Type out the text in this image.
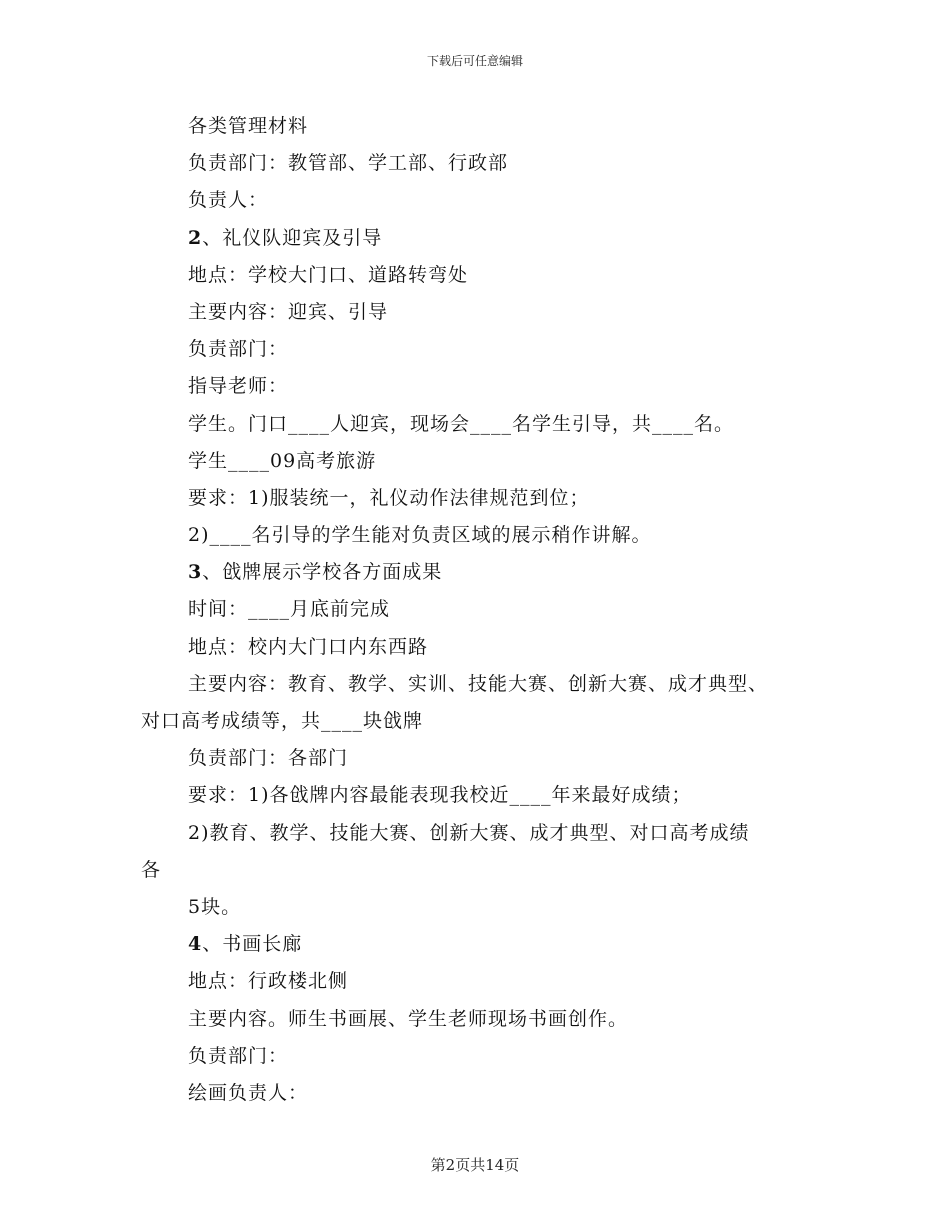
下载后可任意编辑
各类管理材料
负责部门：教管部、学工部、行政部
负责人：
2、礼仪队迎宾及引导
地点：学校大门口、道路转弯处
主要内容：迎宾、引导
负责部门：
指导老师：
学生。门口____人迎宾，现场会____名学生引导，共____名。
学生____09高考旅游
要求：1)服装统一，礼仪动作法律规范到位；
2)____名引导的学生能对负责区域的展示稍作讲解。
3、戗牌展示学校各方面成果
时间：____月底前完成
地点：校内大门口内东西路
主要内容：教育、教学、实训、技能大赛、创新大赛、成才典型、
对口高考成绩等，共____块戗牌
负责部门：各部门
要求：1)各戗牌内容最能表现我校近____年来最好成绩；
2)教育、教学、技能大赛、创新大赛、成才典型、对口高考成绩
各
5块。
4、书画长廊
地点：行政楼北侧
主要内容。师生书画展、学生老师现场书画创作。
负责部门：
绘画负责人：
第2页共14页
